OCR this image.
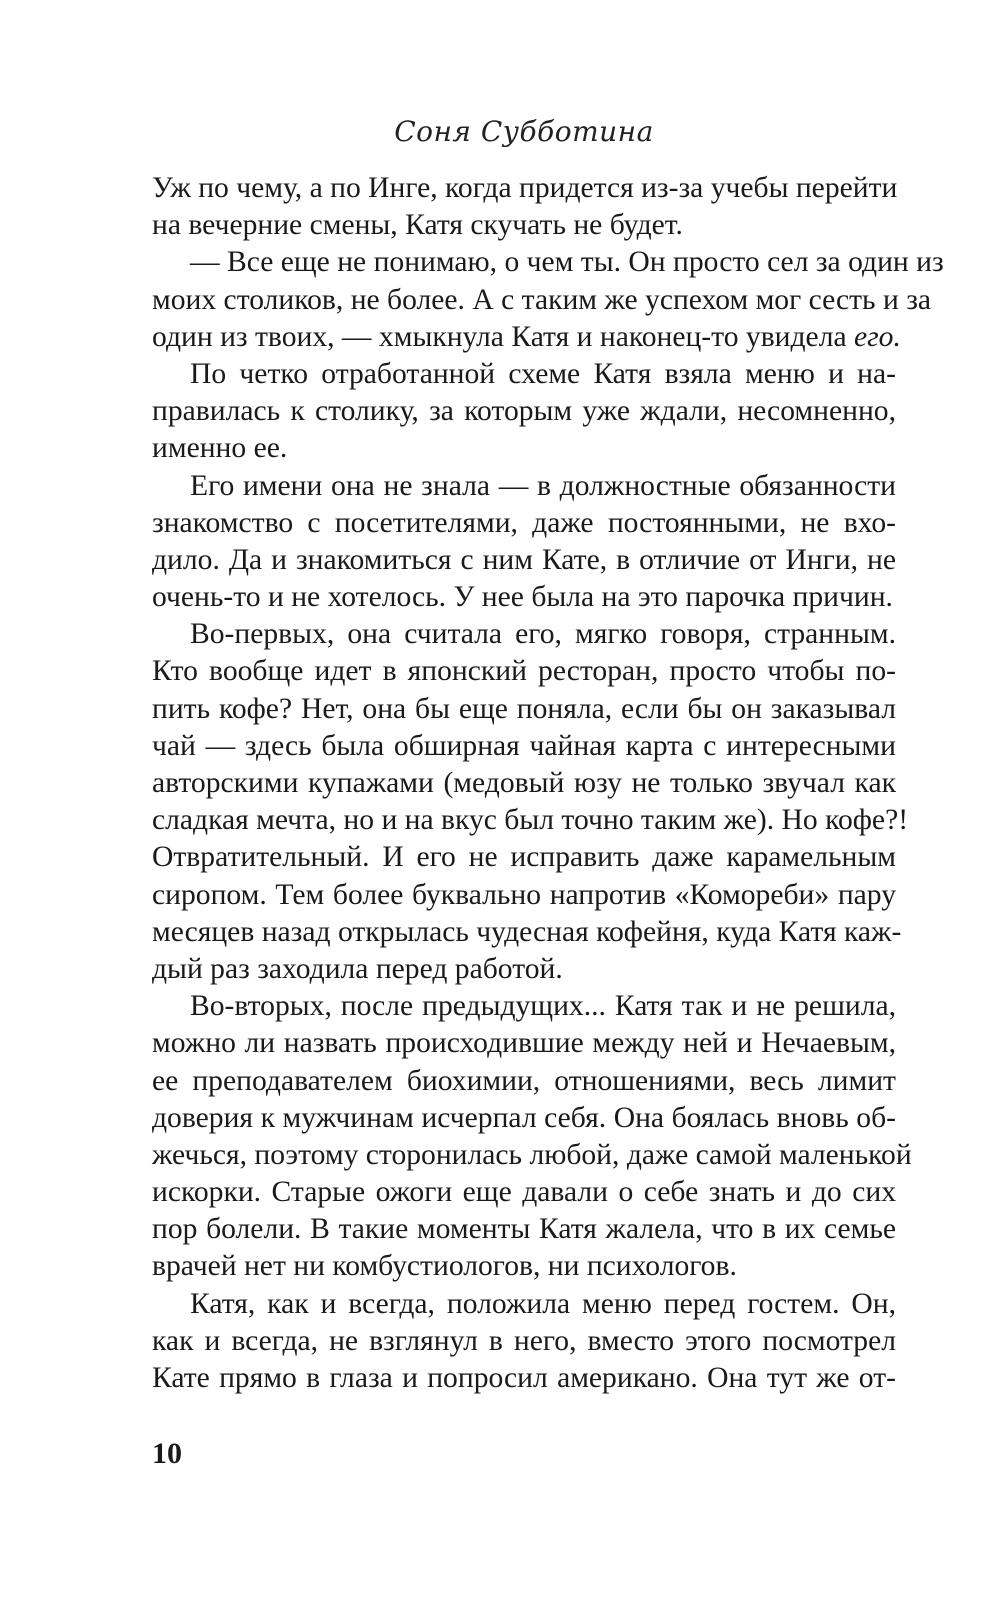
Соня Субботина
Уж по чему, а по Инге, когда придется из-за учебы перейти
на вечерние смены, Катя скучать не будет.
— Все еще не понимаю, о чем ты. Он просто сел за один из
моих столиков, не более. А с таким же успехом мог сесть и за
один из твоих, — хмыкнула Катя и наконец-то увидела его.
По четко отработанной схеме Катя взяла меню и на-
правилась к столику, за которым уже ждали, несомненно,
именно ее.
Его имени она не знала — в должностные обязанности
знакомство с посетителями, даже постоянными, не вхо-
дило. Да и знакомиться с ним Кате, в отличие от Инги, не
очень-то и не хотелось. У нее была на это парочка причин.
Во-первых, она считала его, мягко говоря, странным.
Кто вообще идет в японский ресторан, просто чтобы по-
пить кофе? Нет, она бы еще поняла, если бы он заказывал
чай — здесь была обширная чайная карта с интересными
авторскими купажами (медовый юзу не только звучал как
сладкая мечта, но и на вкус был точно таким же). Но кофе?!
Отвратительный. И его не исправить даже карамельным
сиропом. Тем более буквально напротив «Комореби» пару
месяцев назад открылась чудесная кофейня, куда Катя каж-
дый раз заходила перед работой.
Во-вторых, после предыдущих... Катя так и не решила,
можно ли назвать происходившие между ней и Нечаевым,
ее преподавателем биохимии, отношениями, весь лимит
доверия к мужчинам исчерпал себя. Она боялась вновь об-
жечься, поэтому сторонилась любой, даже самой маленькой
искорки. Старые ожоги еще давали о себе знать и до сих
пор болели. В такие моменты Катя жалела, что в их семье
врачей нет ни комбустиологов, ни психологов.
Катя, как и всегда, положила меню перед гостем. Он,
как и всегда, не взглянул в него, вместо этого посмотрел
Кате прямо в глаза и попросил американо. Она тут же от-
10
